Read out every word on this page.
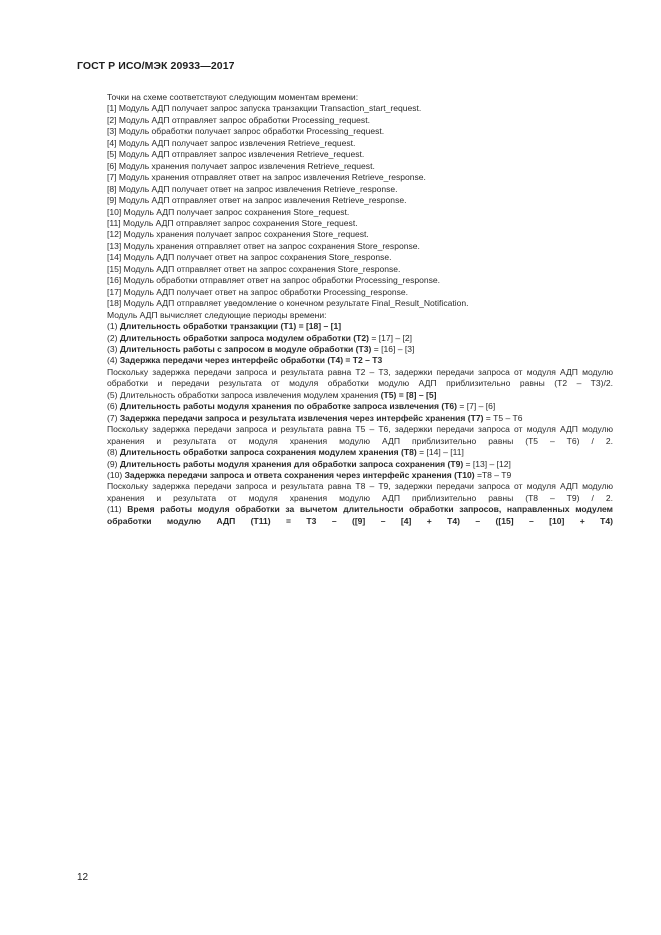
ГОСТ Р ИСО/МЭК 20933—2017

Точки на схеме соответствуют следующим моментам времени:

[1] Модуль АДП получает запрос запуска транзакции Transaction_start_request.

[2] Модуль АДП отправляет запрос обработки Processing_request.

[3] Модуль обработки получает запрос обработки Processing_request.

[4] Модуль АДП получает запрос извлечения Retrieve_request.

[5] Модуль АДП отправляет запрос извлечения Retrieve_request.

[6] Модуль хранения получает запрос извлечения Retrieve_request.

[7] Модуль хранения отправляет ответ на запрос извлечения Retrieve_response.

[8] Модуль АДП получает ответ на запрос извлечения Retrieve_response.

[9] Модуль АДП отправляет ответ на запрос извлечения Retrieve_response.

[10] Модуль АДП получает запрос сохранения Store_request.

[11] Модуль АДП отправляет запрос сохранения Store_request.

[12] Модуль хранения получает запрос сохранения Store_request.

[13] Модуль хранения отправляет ответ на запрос сохранения Store_response.

[14] Модуль АДП получает ответ на запрос сохранения Store_response.

[15] Модуль АДП отправляет ответ на запрос сохранения Store_response.

[16] Модуль обработки отправляет ответ на запрос обработки Processing_response.

[17] Модуль АДП получает ответ на запрос обработки Processing_response.

[18] Модуль АДП отправляет уведомление о конечном результате Final_Result_Notification.

Модуль АДП вычисляет следующие периоды времени:

(1) Длительность обработки транзакции (T1) = [18] – [1]

(2) Длительность обработки запроса модулем обработки (T2) = [17] – [2]

(3) Длительность работы с запросом в модуле обработки (T3) = [16] – [3]

(4) Задержка передачи через интерфейс обработки (T4) = T2 – T3

Поскольку задержка передачи запроса и результата равна T2 – T3, задержки передачи запроса от модуля АДП модулю обработки и передачи результата от модуля обработки модулю АДП приблизительно равны (T2 – T3)/2.

(5) Длительность обработки запроса извлечения модулем хранения (T5) = [8] – [5]

(6) Длительность работы модуля хранения по обработке запроса извлечения (T6) = [7] – [6]

(7) Задержка передачи запроса и результата извлечения через интерфейс хранения (T7) = T5 – T6

Поскольку задержка передачи запроса и результата равна T5 – T6, задержки передачи запроса от модуля АДП модулю хранения и результата от модуля хранения модулю АДП приблизительно равны (T5 – T6) / 2.

(8) Длительность обработки запроса сохранения модулем хранения (T8) = [14] – [11]

(9) Длительность работы модуля хранения для обработки запроса сохранения (T9) = [13] – [12]

(10) Задержка передачи запроса и ответа сохранения через интерфейс хранения (T10) =T8 – T9

Поскольку задержка передачи запроса и результата равна T8 – T9, задержки передачи запроса от модуля АДП модулю хранения и результата от модуля хранения модулю АДП приблизительно равны (T8 – T9) / 2.

(11) Время работы модуля обработки за вычетом длительности обработки запросов, направленных модулем обработки модулю АДП (T11) = T3 – ([9] – [4] + T4) – ([15] – [10] + T4)

12
